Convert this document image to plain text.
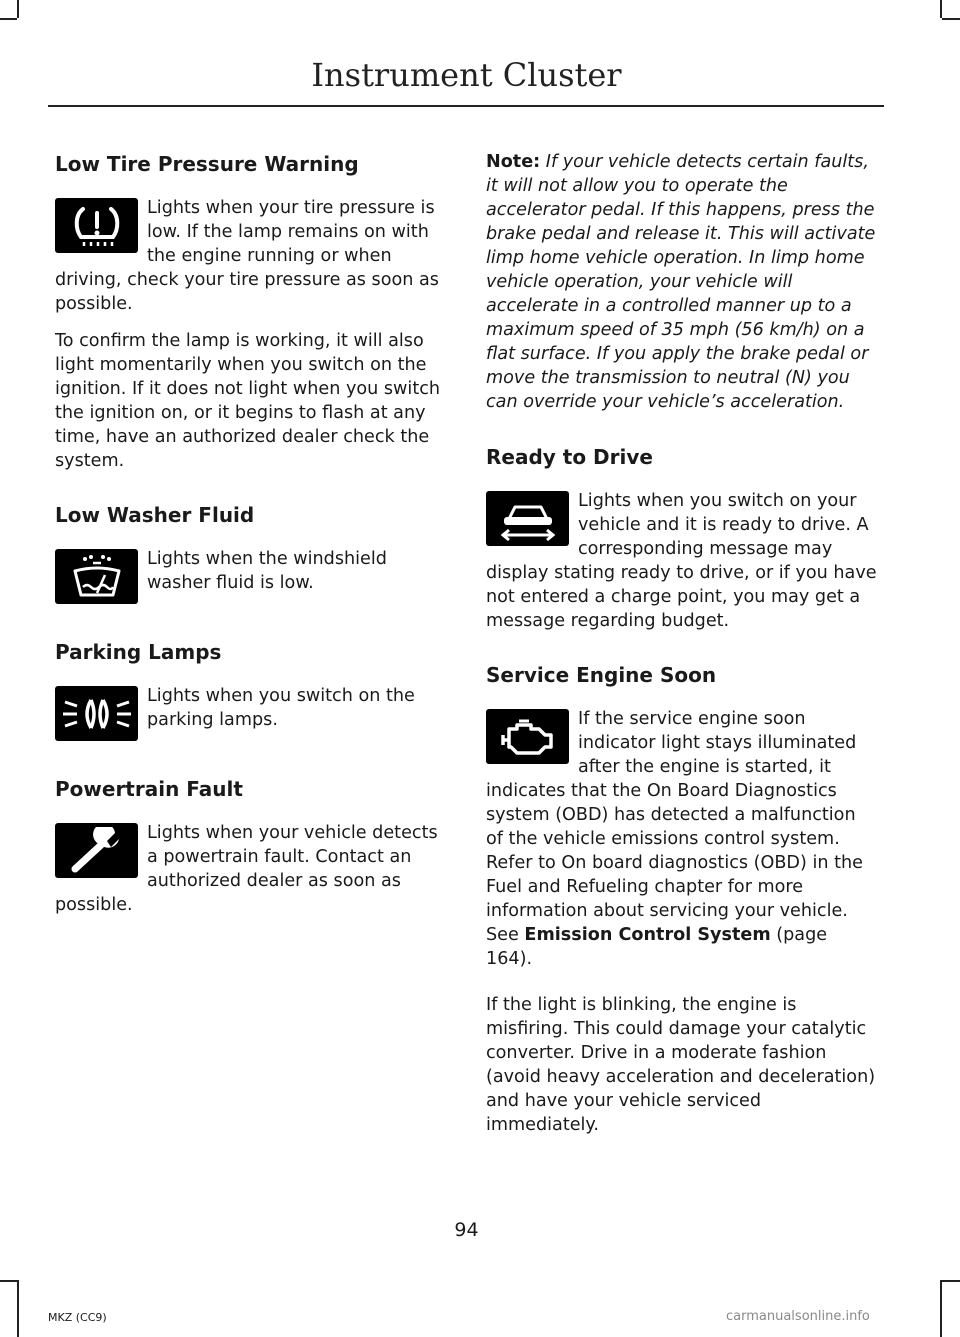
Instrument Cluster
Low Tire Pressure Warning

Lights when your tire pressure is low. If the lamp remains on with the engine running or when driving, check your tire pressure as soon as possible.

To confirm the lamp is working, it will also light momentarily when you switch on the ignition. If it does not light when you switch the ignition on, or it begins to flash at any time, have an authorized dealer check the system.

Low Washer Fluid

Lights when the windshield washer fluid is low.

Parking Lamps

Lights when you switch on the parking lamps.

Powertrain Fault

Lights when your vehicle detects a powertrain fault. Contact an authorized dealer as soon as possible.

Note: If your vehicle detects certain faults, it will not allow you to operate the accelerator pedal. If this happens, press the brake pedal and release it. This will activate limp home vehicle operation. In limp home vehicle operation, your vehicle will accelerate in a controlled manner up to a maximum speed of 35 mph (56 km/h) on a flat surface. If you apply the brake pedal or move the transmission to neutral (N) you can override your vehicle’s acceleration.

Ready to Drive

Lights when you switch on your vehicle and it is ready to drive. A corresponding message may display stating ready to drive, or if you have not entered a charge point, you may get a message regarding budget.

Service Engine Soon

If the service engine soon indicator light stays illuminated after the engine is started, it indicates that the On Board Diagnostics system (OBD) has detected a malfunction of the vehicle emissions control system. Refer to On board diagnostics (OBD) in the Fuel and Refueling chapter for more information about servicing your vehicle. See Emission Control System (page 164).

If the light is blinking, the engine is misfiring. This could damage your catalytic converter. Drive in a moderate fashion (avoid heavy acceleration and deceleration) and have your vehicle serviced immediately.

94
MKZ (CC9)	carmanualsonline.info
